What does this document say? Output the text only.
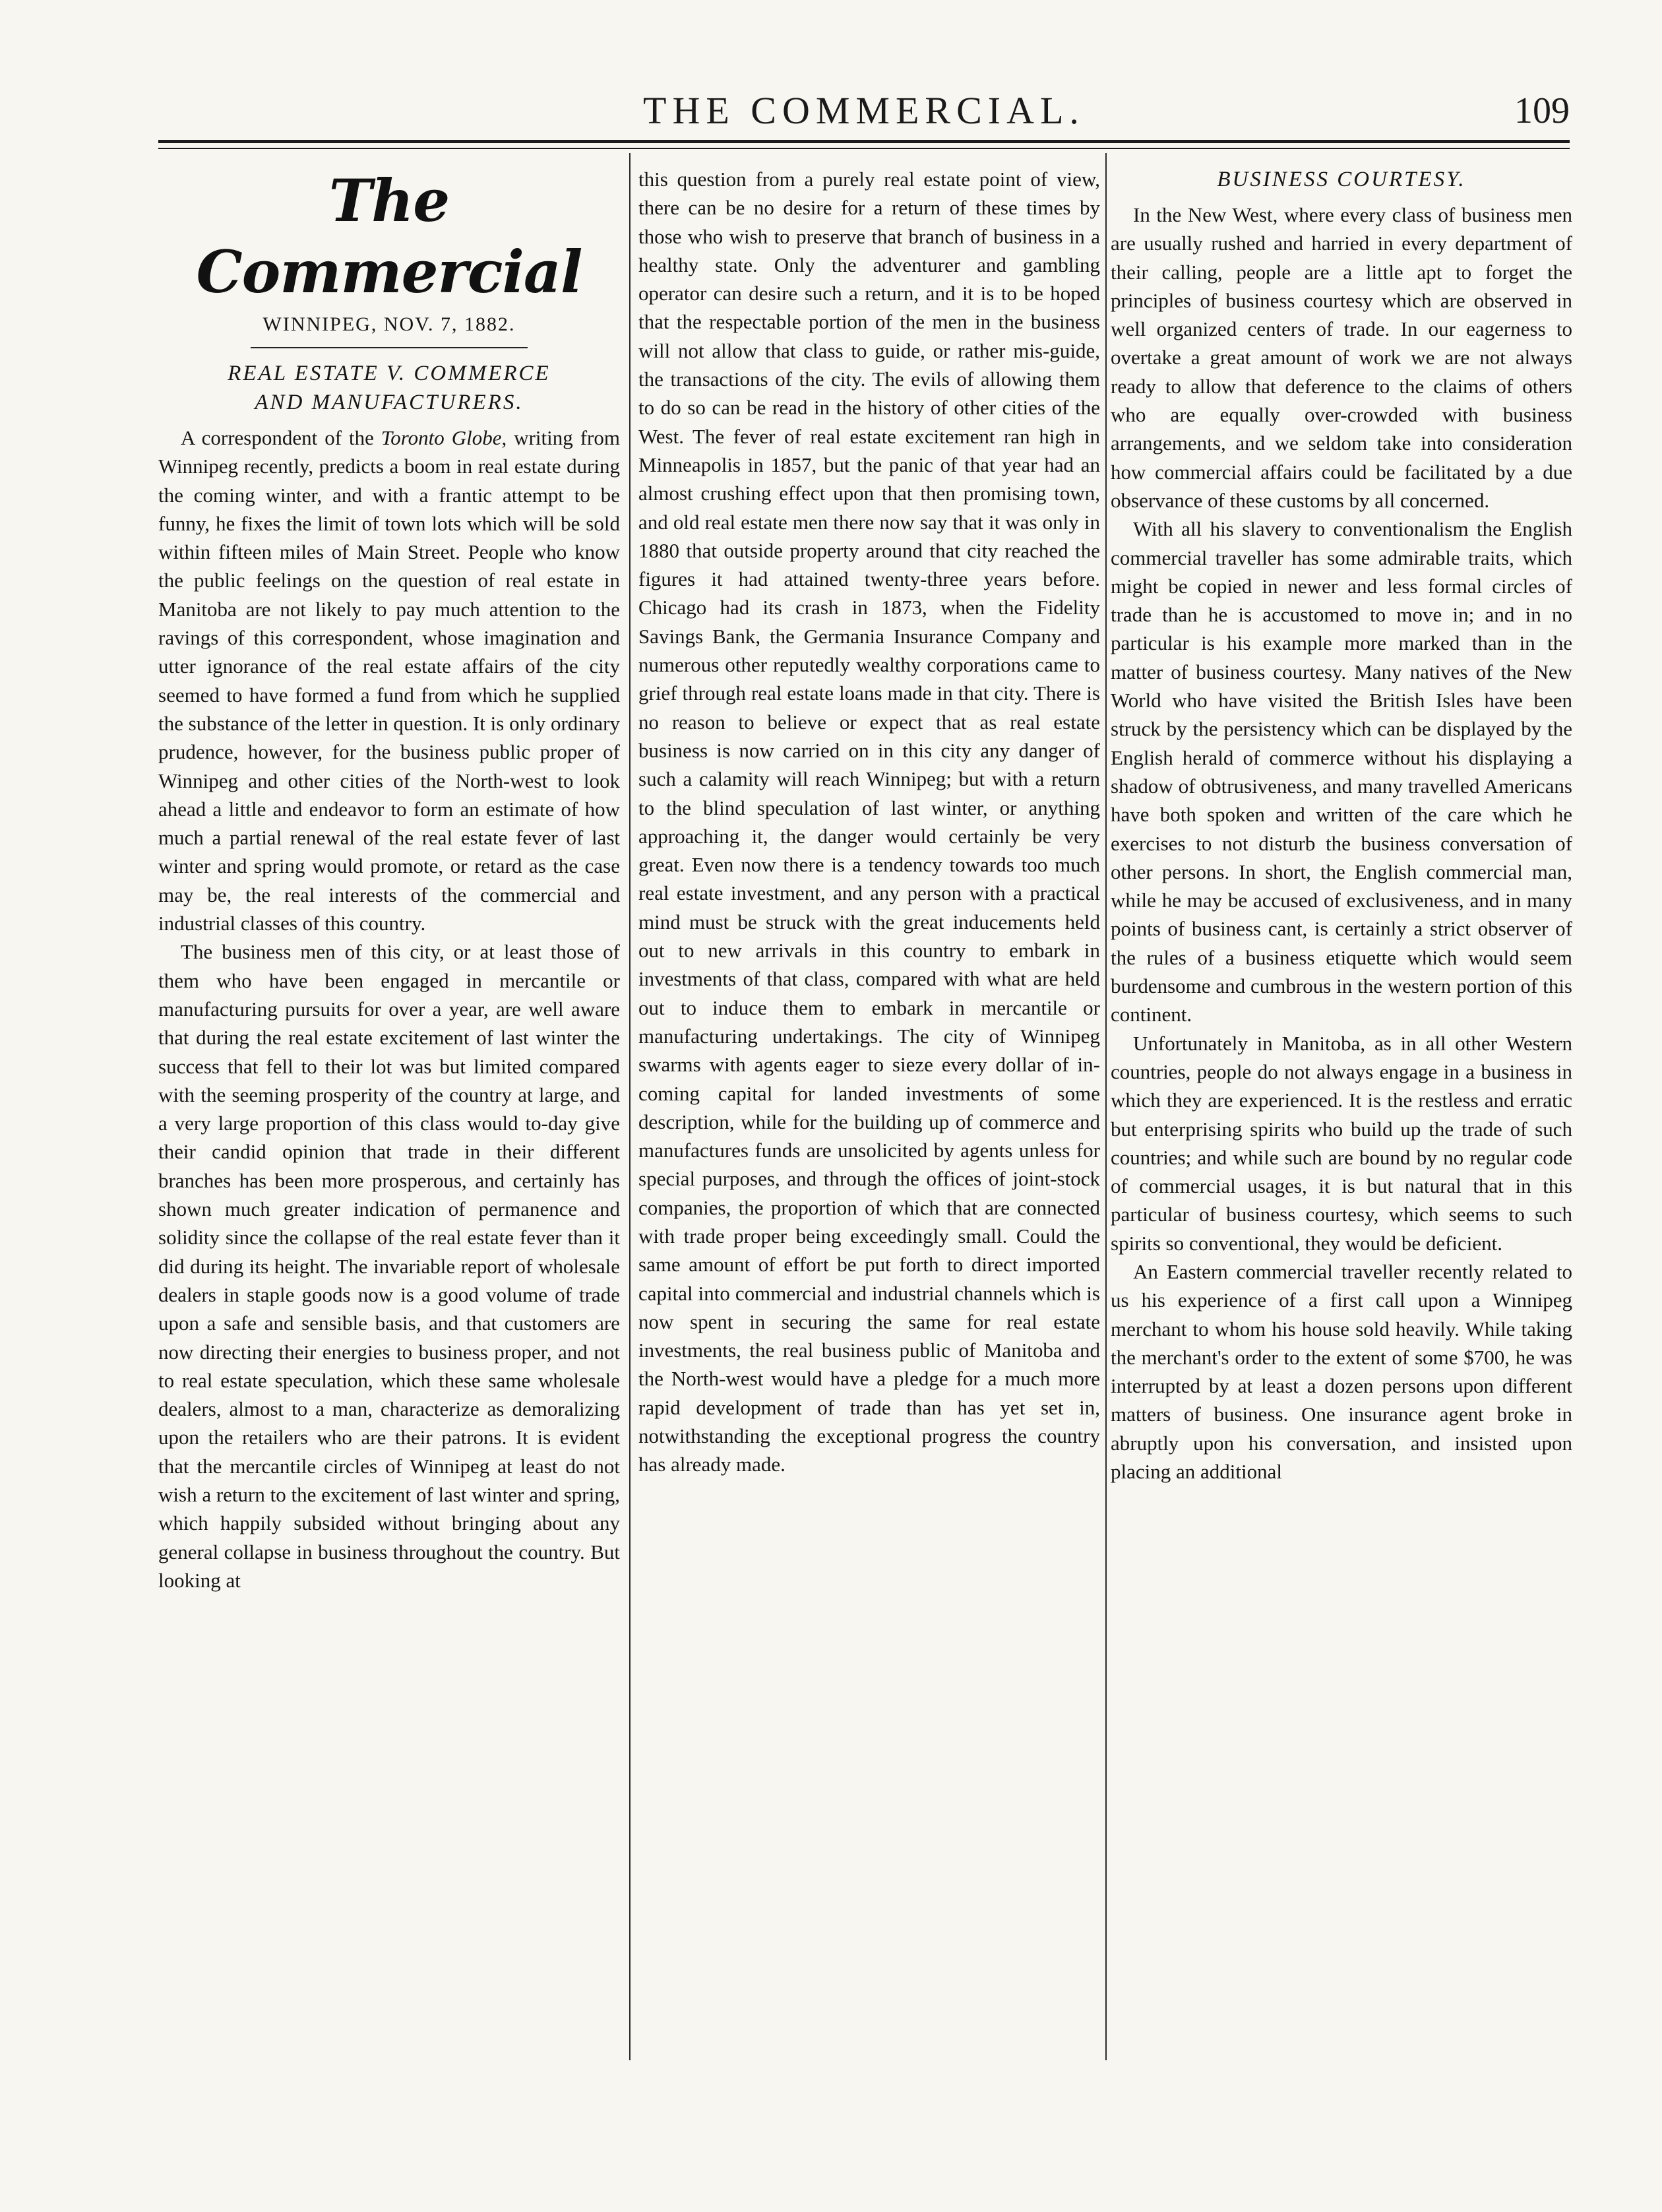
THE COMMERCIAL.	109
The Commercial
WINNIPEG, NOV. 7, 1882.
REAL ESTATE V. COMMERCE
AND MANUFACTURERS.

A correspondent of the Toronto Globe, writing from Winnipeg recently, predicts a boom in real estate during the coming winter, and with a frantic attempt to be funny, he fixes the limit of town lots which will be sold within fifteen miles of Main Street. People who know the public feelings on the question of real estate in Manitoba are not likely to pay much attention to the ravings of this correspondent, whose imagination and utter ignorance of the real estate affairs of the city seemed to have formed a fund from which he supplied the substance of the letter in question. It is only ordinary prudence, however, for the business public proper of Winnipeg and other cities of the North-west to look ahead a little and endeavor to form an estimate of how much a partial renewal of the real estate fever of last winter and spring would promote, or retard as the case may be, the real interests of the commercial and industrial classes of this country.

The business men of this city, or at least those of them who have been engaged in mercantile or manufacturing pursuits for over a year, are well aware that during the real estate excitement of last winter the success that fell to their lot was but limited compared with the seeming prosperity of the country at large, and a very large proportion of this class would to-day give their candid opinion that trade in their different branches has been more prosperous, and certainly has shown much greater indication of permanence and solidity since the collapse of the real estate fever than it did during its height. The invariable report of wholesale dealers in staple goods now is a good volume of trade upon a safe and sensible basis, and that customers are now directing their energies to business proper, and not to real estate speculation, which these same wholesale dealers, almost to a man, characterize as demoralizing upon the retailers who are their patrons. It is evident that the mercantile circles of Winnipeg at least do not wish a return to the excitement of last winter and spring, which happily subsided without bringing about any general collapse in business throughout the country. But looking at

this question from a purely real estate point of view, there can be no desire for a return of these times by those who wish to preserve that branch of business in a healthy state. Only the adventurer and gambling operator can desire such a return, and it is to be hoped that the respectable portion of the men in the business will not allow that class to guide, or rather mis-guide, the transactions of the city. The evils of allowing them to do so can be read in the history of other cities of the West. The fever of real estate excitement ran high in Minneapolis in 1857, but the panic of that year had an almost crushing effect upon that then promising town, and old real estate men there now say that it was only in 1880 that outside property around that city reached the figures it had attained twenty-three years before. Chicago had its crash in 1873, when the Fidelity Savings Bank, the Germania Insurance Company and numerous other reputedly wealthy corporations came to grief through real estate loans made in that city. There is no reason to believe or expect that as real estate business is now carried on in this city any danger of such a calamity will reach Winnipeg; but with a return to the blind speculation of last winter, or anything approaching it, the danger would certainly be very great. Even now there is a tendency towards too much real estate investment, and any person with a practical mind must be struck with the great inducements held out to new arrivals in this country to embark in investments of that class, compared with what are held out to induce them to embark in mercantile or manufacturing undertakings. The city of Winnipeg swarms with agents eager to sieze every dollar of in-coming capital for landed investments of some description, while for the building up of commerce and manufactures funds are unsolicited by agents unless for special purposes, and through the offices of joint-stock companies, the proportion of which that are connected with trade proper being exceedingly small. Could the same amount of effort be put forth to direct imported capital into commercial and industrial channels which is now spent in securing the same for real estate investments, the real business public of Manitoba and the North-west would have a pledge for a much more rapid development of trade than has yet set in, notwithstanding the exceptional progress the country has already made.

BUSINESS COURTESY.

In the New West, where every class of business men are usually rushed and harried in every department of their calling, people are a little apt to forget the principles of business courtesy which are observed in well organized centers of trade. In our eagerness to overtake a great amount of work we are not always ready to allow that deference to the claims of others who are equally over-crowded with business arrangements, and we seldom take into consideration how commercial affairs could be facilitated by a due observance of these customs by all concerned.

With all his slavery to conventionalism the English commercial traveller has some admirable traits, which might be copied in newer and less formal circles of trade than he is accustomed to move in; and in no particular is his example more marked than in the matter of business courtesy. Many natives of the New World who have visited the British Isles have been struck by the persistency which can be displayed by the English herald of commerce without his displaying a shadow of obtrusiveness, and many travelled Americans have both spoken and written of the care which he exercises to not disturb the business conversation of other persons. In short, the English commercial man, while he may be accused of exclusiveness, and in many points of business cant, is certainly a strict observer of the rules of a business etiquette which would seem burdensome and cumbrous in the western portion of this continent.

Unfortunately in Manitoba, as in all other Western countries, people do not always engage in a business in which they are experienced. It is the restless and erratic but enterprising spirits who build up the trade of such countries; and while such are bound by no regular code of commercial usages, it is but natural that in this particular of business courtesy, which seems to such spirits so conventional, they would be deficient.

An Eastern commercial traveller recently related to us his experience of a first call upon a Winnipeg merchant to whom his house sold heavily. While taking the merchant's order to the extent of some $700, he was interrupted by at least a dozen persons upon different matters of business. One insurance agent broke in abruptly upon his conversation, and insisted upon placing an additional
